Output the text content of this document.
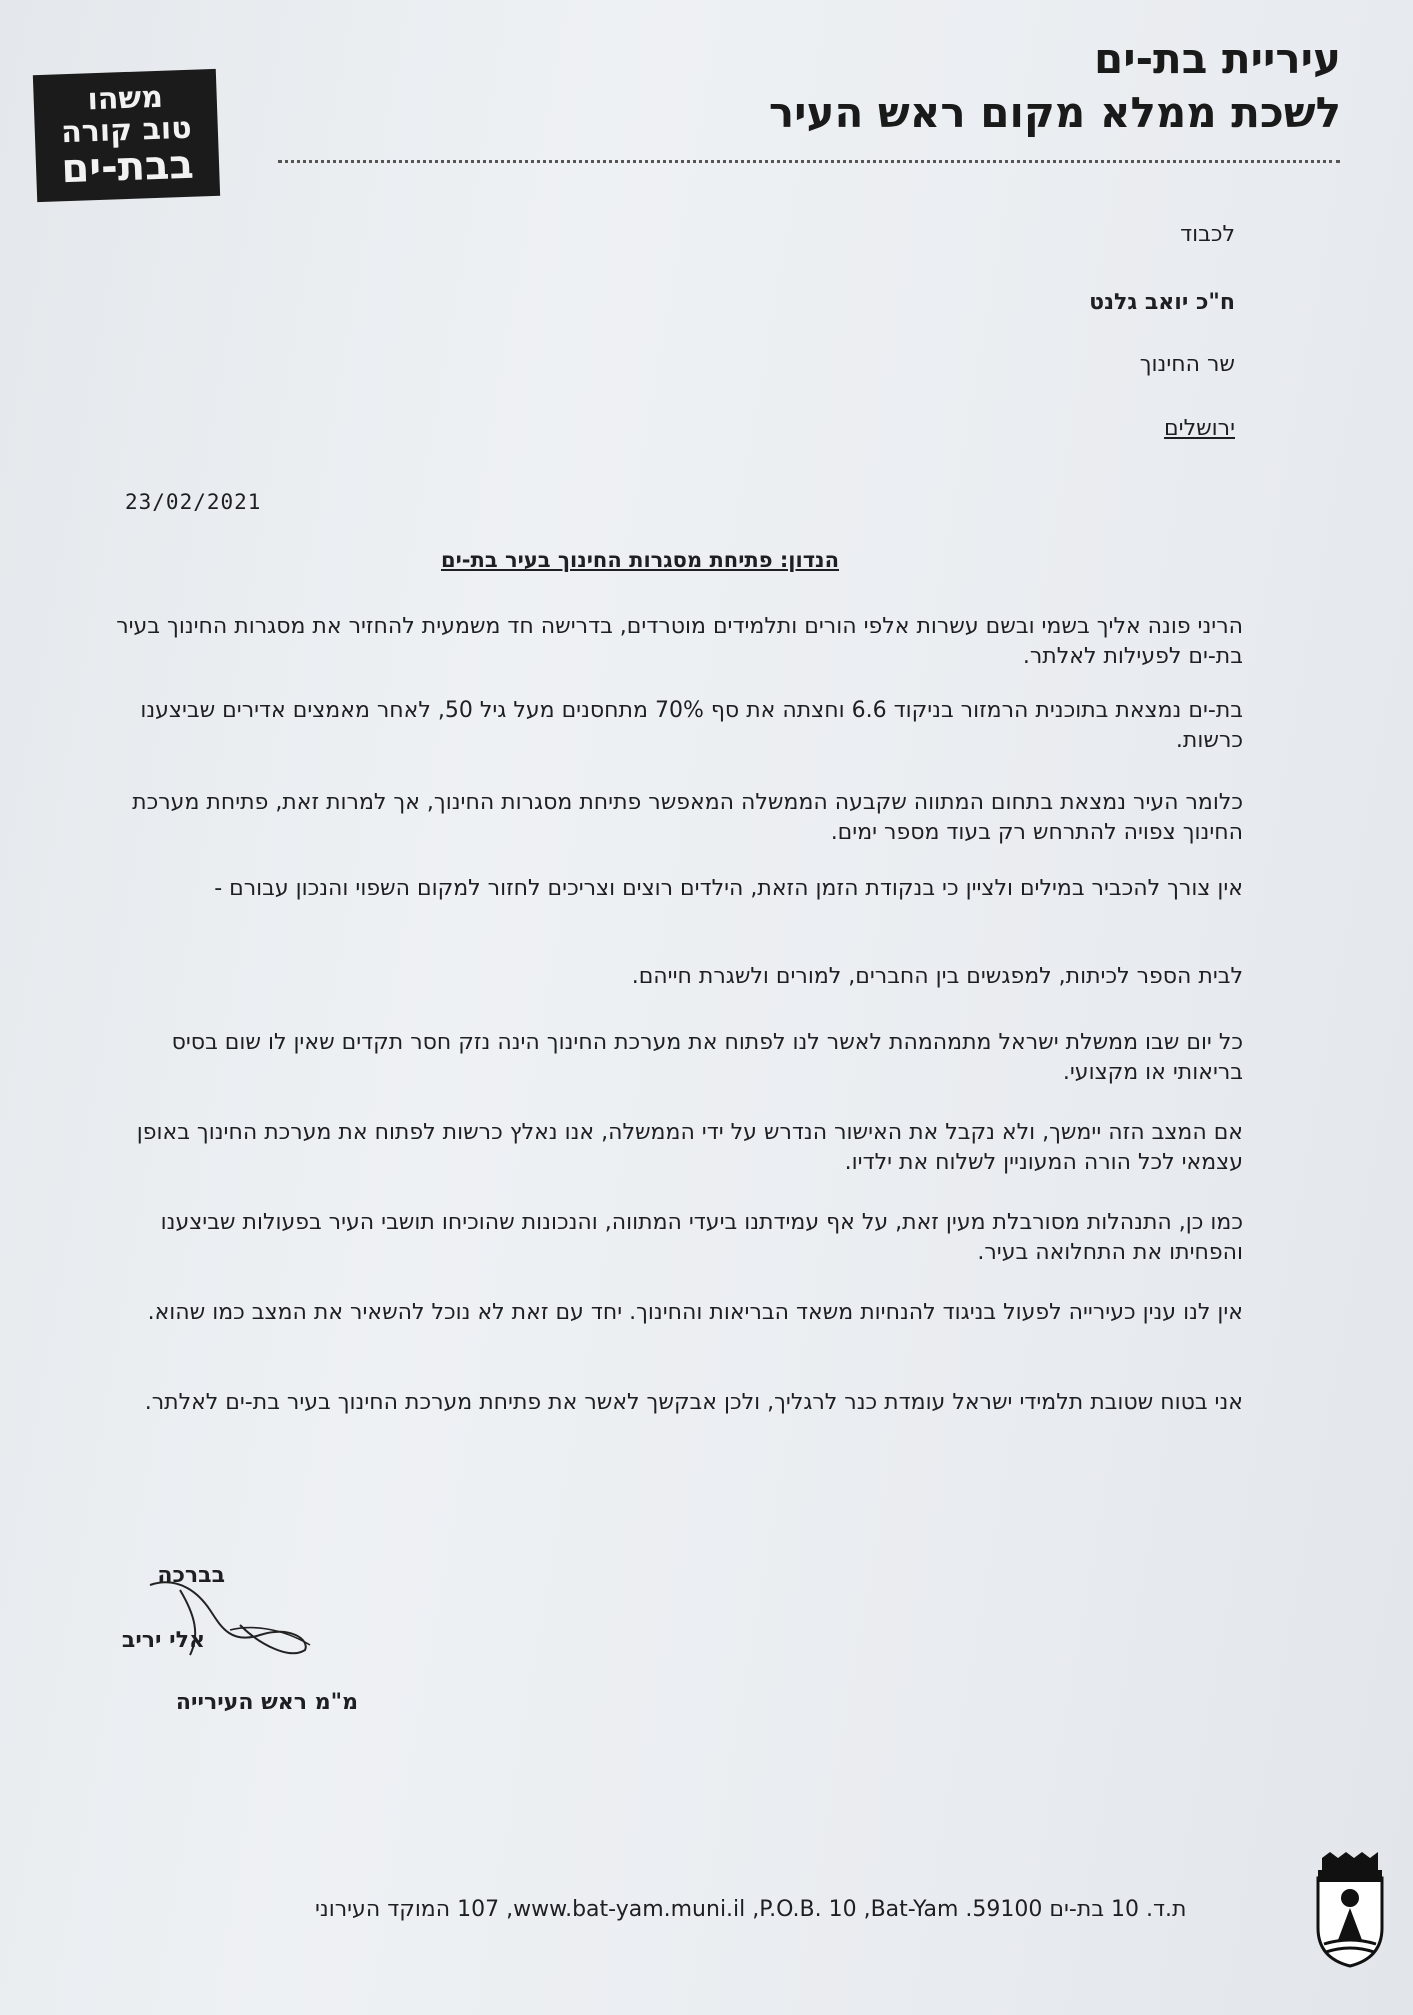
עיריית בת-ים
לשכת ממלא מקום ראש העיר
משהו
טוב קורה
בבת-ים
לכבוד
ח"כ יואב גלנט
שר החינוך
ירושלים
23/02/2021
הנדון: פתיחת מסגרות החינוך בעיר בת-ים
הריני פונה אליך בשמי ובשם עשרות אלפי הורים ותלמידים מוטרדים, בדרישה חד משמעית להחזיר את מסגרות החינוך בעיר בת-ים לפעילות לאלתר.
בת-ים נמצאת בתוכנית הרמזור בניקוד 6.6 וחצתה את סף 70% מתחסנים מעל גיל 50, לאחר מאמצים אדירים שביצענו כרשות.
כלומר העיר נמצאת בתחום המתווה שקבעה הממשלה המאפשר פתיחת מסגרות החינוך, אך למרות זאת, פתיחת מערכת החינוך צפויה להתרחש רק בעוד מספר ימים.
אין צורך להכביר במילים ולציין כי בנקודת הזמן הזאת, הילדים רוצים וצריכים לחזור למקום השפוי והנכון עבורם -
לבית הספר לכיתות, למפגשים בין החברים, למורים ולשגרת חייהם.
כל יום שבו ממשלת ישראל מתמהמהת לאשר לנו לפתוח את מערכת החינוך הינה נזק חסר תקדים שאין לו שום בסיס בריאותי או מקצועי.
אם המצב הזה יימשך, ולא נקבל את האישור הנדרש על ידי הממשלה, אנו נאלץ כרשות לפתוח את מערכת החינוך באופן עצמאי לכל הורה המעוניין לשלוח את ילדיו.
כמו כן, התנהלות מסורבלת מעין זאת, על אף עמידתנו ביעדי המתווה, והנכונות שהוכיחו תושבי העיר בפעולות שביצענו והפחיתו את התחלואה בעיר.
אין לנו ענין כעירייה לפעול בניגוד להנחיות משאד הבריאות והחינוך. יחד עם זאת לא נוכל להשאיר את המצב כמו שהוא.
אני בטוח שטובת תלמידי ישראל עומדת כנר לרגליך, ולכן אבקשך לאשר את פתיחת מערכת החינוך בעיר בת-ים לאלתר.
בברכה
אלי יריב
מ"מ ראש העירייה
107 המוקד העירוני ,www.bat-yam.muni.il ,P.O.B. 10 ,Bat-Yam .59100 ת.ד. 10 בת-ים
